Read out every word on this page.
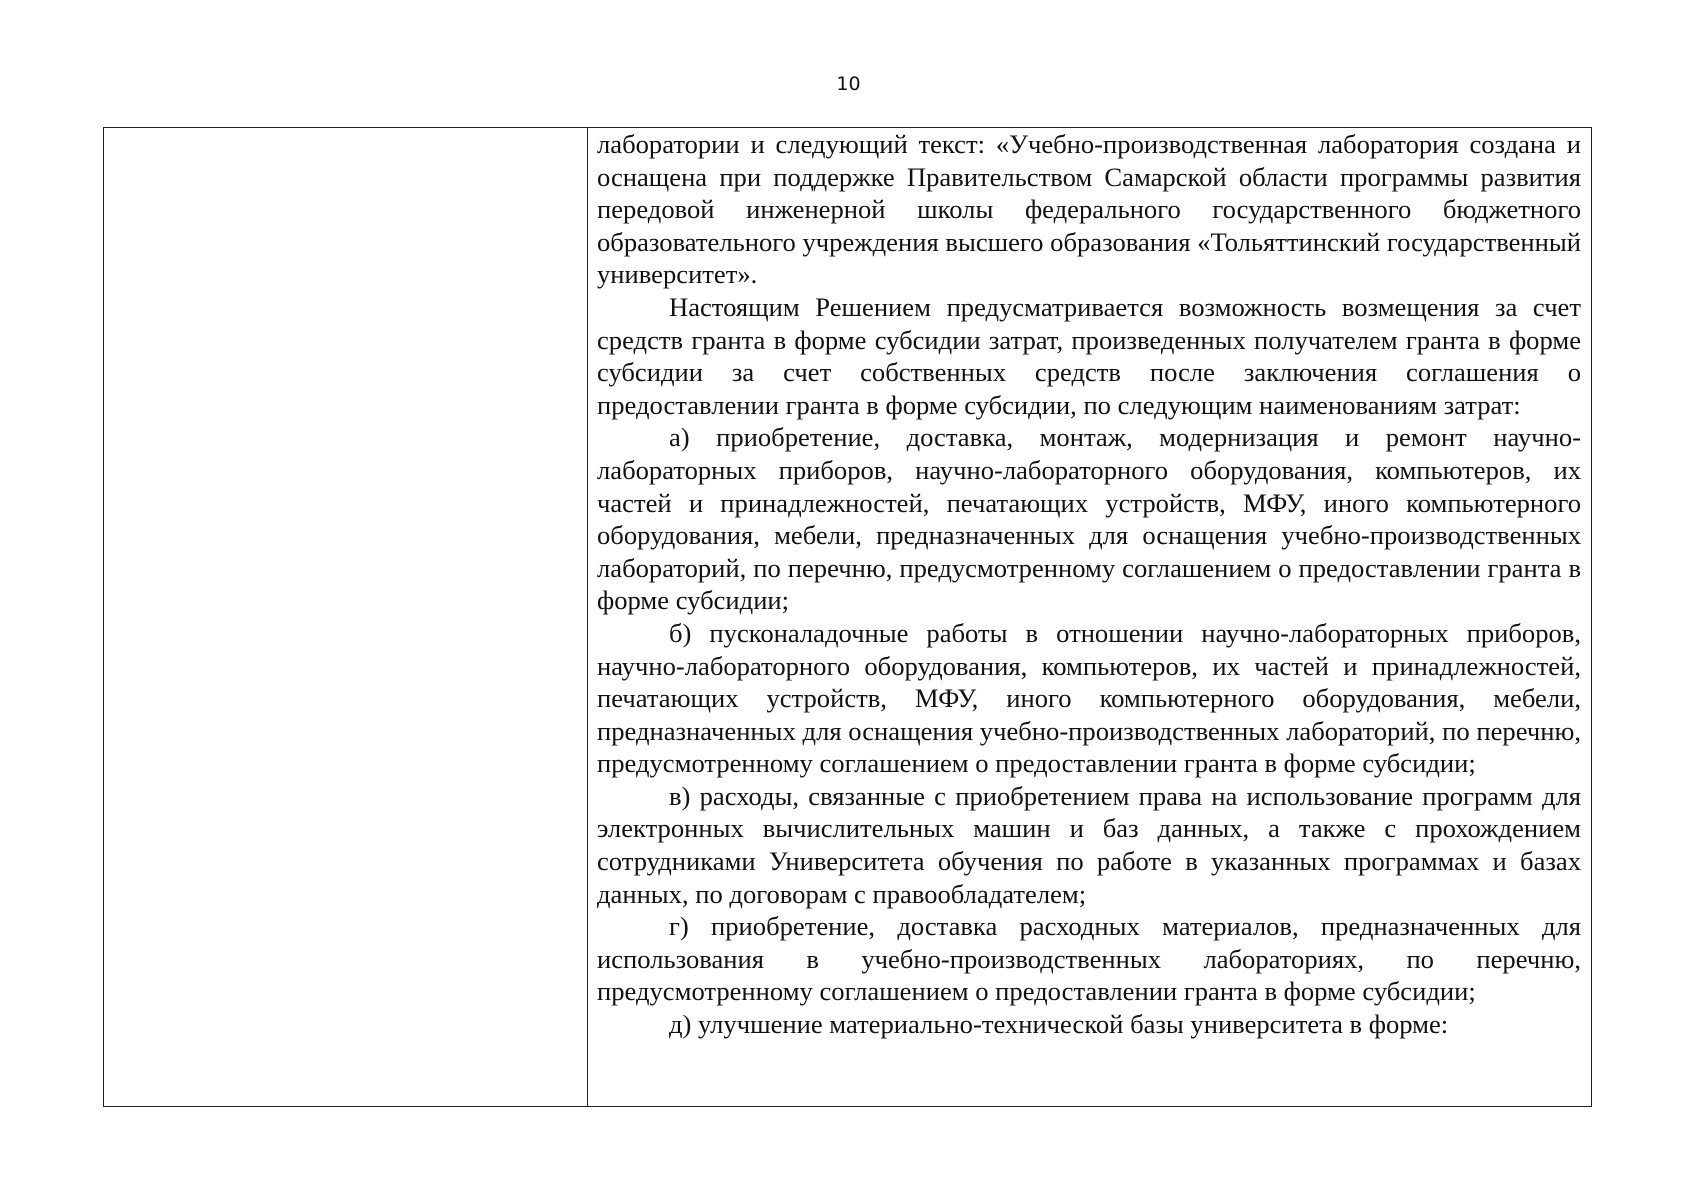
10

лаборатории и следующий текст: «Учебно-производственная лаборатория создана и оснащена при поддержке Правительством Самарской области программы развития передовой инженерной школы федерального государственного бюджетного образовательного учреждения высшего образования «Тольяттинский государственный университет».

Настоящим Решением предусматривается возможность возмещения за счет средств гранта в форме субсидии затрат, произведенных получателем гранта в форме субсидии за счет собственных средств после заключения соглашения о предоставлении гранта в форме субсидии, по следующим наименованиям затрат:

а) приобретение, доставка, монтаж, модернизация и ремонт научно-лабораторных приборов, научно-лабораторного оборудования, компьютеров, их частей и принадлежностей, печатающих устройств, МФУ, иного компьютерного оборудования, мебели, предназначенных для оснащения учебно-производственных лабораторий, по перечню, предусмотренному соглашением о предоставлении гранта в форме субсидии;

б) пусконаладочные работы в отношении научно-лабораторных приборов, научно-лабораторного оборудования, компьютеров, их частей и принадлежностей, печатающих устройств, МФУ, иного компьютерного оборудования, мебели, предназначенных для оснащения учебно-производственных лабораторий, по перечню, предусмотренному соглашением о предоставлении гранта в форме субсидии;

в) расходы, связанные с приобретением права на использование программ для электронных вычислительных машин и баз данных, а также с прохождением сотрудниками Университета обучения по работе в указанных программах и базах данных, по договорам с правообладателем;

г) приобретение, доставка расходных материалов, предназначенных для использования в учебно-производственных лабораториях, по перечню, предусмотренному соглашением о предоставлении гранта в форме субсидии;

д) улучшение материально-технической базы университета в форме:
